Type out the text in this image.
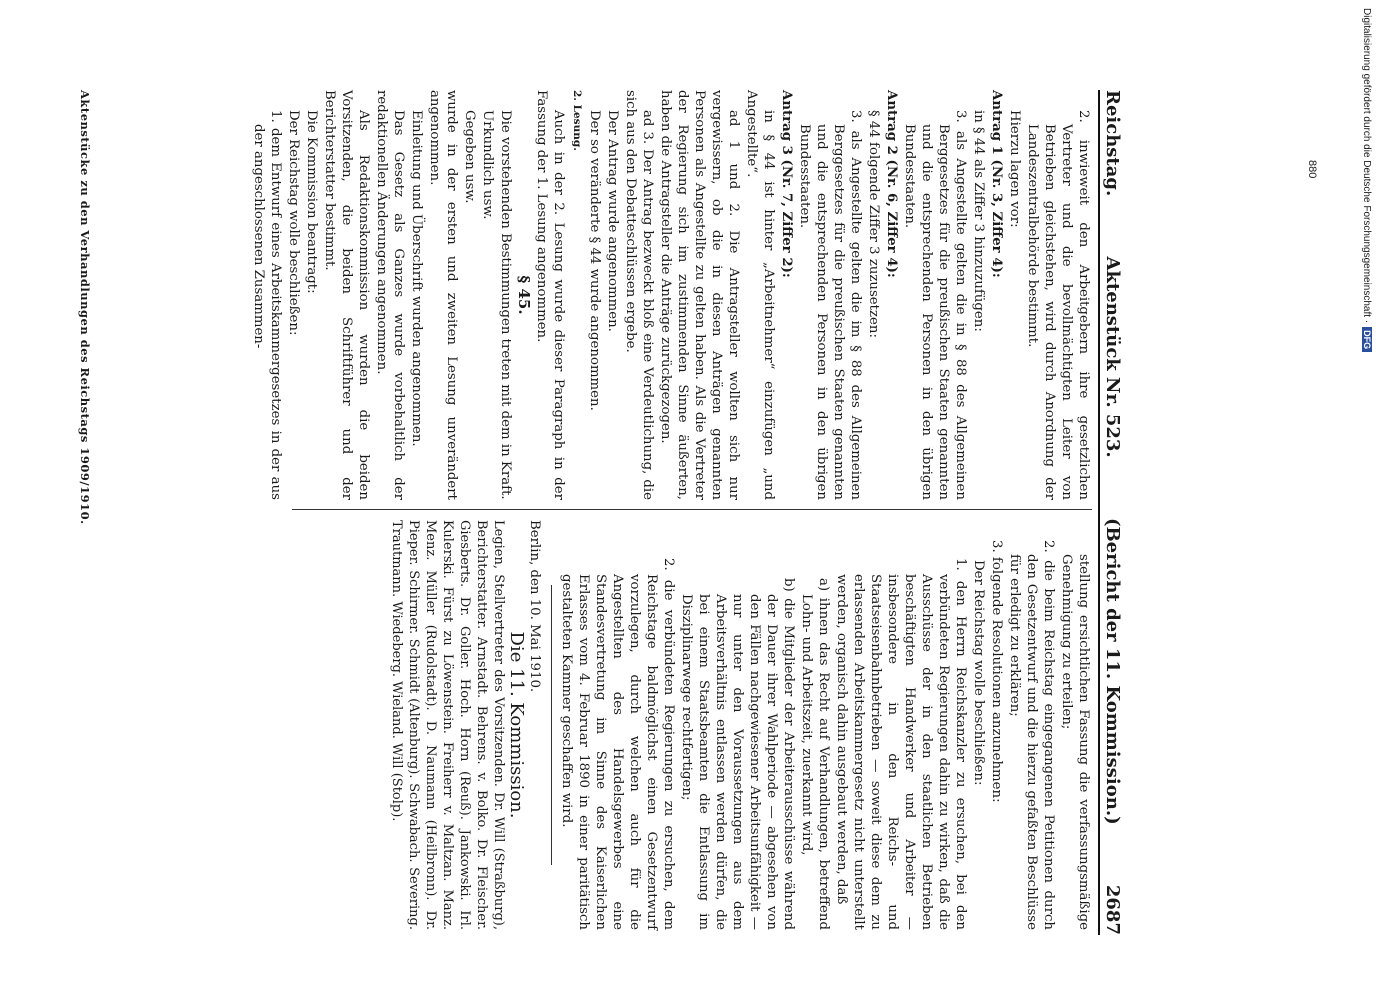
Digitalisierung gefördert durch die Deutsche Forschungsgemeinschaft ·DFG
880
Reichstag.
Aktenstück Nr. 523.
(Bericht der 11. Kommission.)
2687

2. inwieweit den Arbeitgebern ihre gesetzlichen Vertreter und die bevollmächtigten Leiter von Betrieben gleichstehen, wird durch Anordnung der Landeszentralbehörde bestimmt.

Hierzu lagen vor:

Antrag 1 (Nr. 3, Ziffer 4):

in § 44 als Ziffer 3 hinzuzufügen:

3. als Angestellte gelten die in § 88 des Allgemeinen Berggesetzes für die preußischen Staaten genannten und die entsprechenden Personen in den übrigen Bundesstaaten.

Antrag 2 (Nr. 6, Ziffer 4):

§ 44 folgende Ziffer 3 zuzusetzen:

3. als Angestellte gelten die im § 88 des Allgemeinen Berggesetzes für die preußischen Staaten genannten und die entsprechenden Personen in den übrigen Bundesstaaten.

Antrag 3 (Nr. 7, Ziffer 2):

in § 44 ist hinter „Arbeitnehmer“ einzufügen „und Angestellte“.

ad 1 und 2. Die Antragsteller wollten sich nur vergewissern, ob die in diesen Anträgen genannten Personen als Angestellte zu gelten haben. Als die Vertreter der Regierung sich im zustimmenden Sinne äußerten, haben die Antragsteller die Anträge zurückgezogen.

ad 3. Der Antrag bezweckt bloß eine Verdeutlichung, die sich aus den Debatteschlüssen ergebe.

Der Antrag wurde angenommen.

Der so veränderte § 44 wurde angenommen.

2. Lesung.

Auch in der 2. Lesung wurde dieser Paragraph in der Fassung der 1. Lesung angenommen.

§ 45.

Die vorstehenden Bestimmungen treten mit dem in Kraft.

Urkundlich usw.

Gegeben usw.

wurde in der ersten und zweiten Lesung unverändert angenommen.

Einleitung und Überschrift wurden angenommen.

Das Gesetz als Ganzes wurde vorbehaltlich der redaktionellen Änderungen angenommen.

Als Redaktionskommission wurden die beiden Vorsitzenden, die beiden Schriftführer und der Berichterstatter bestimmt.

Die Kommission beantragt:

Der Reichstag wolle beschließen:

1. dem Entwurf eines Arbeitskammergesetzes in der aus der angeschlossenen Zusammen-

stellung ersichtlichen Fassung die verfassungsmäßige Genehmigung zu erteilen;

2. die beim Reichstag eingegangenen Petitionen durch den Gesetzentwurf und die hierzu gefaßten Beschlüsse für erledigt zu erklären;

3. folgende Resolutionen anzunehmen:

Der Reichstag wolle beschließen:

1. den Herrn Reichskanzler zu ersuchen, bei den verbündeten Regierungen dahin zu wirken, daß die Ausschüsse der in den staatlichen Betrieben beschäftigten Handwerker und Arbeiter — insbesondere in den Reichs- und Staatseisenbahnbetrieben — soweit diese dem zu erlassenden Arbeitskammergesetz nicht unterstellt werden, organisch dahin ausgebaut werden, daß

a) ihnen das Recht auf Verhandlungen, betreffend Lohn- und Arbeitszeit, zuerkannt wird,

b) die Mitglieder der Arbeiterausschüsse während der Dauer ihrer Wahlperiode — abgesehen von den Fällen nachgewiesener Arbeitsunfähigkeit — nur unter den Voraussetzungen aus dem Arbeitsverhältnis entlassen werden dürfen, die bei einem Staatsbeamten die Entlassung im Disziplinarwege rechtfertigen;

2. die verbündeten Regierungen zu ersuchen, dem Reichstage baldmöglichst einen Gesetzentwurf vorzulegen, durch welchen auch für die Angestellten des Handelsgewerbes eine Standesvertretung im Sinne des Kaiserlichen Erlasses vom 4. Februar 1890 in einer paritätisch gestalteten Kammer geschaffen wird.

Berlin, den 10. Mai 1910.

Die 11. Kommission.

Legien, Stellvertreter des Vorsitzenden. Dr. Will (Straßburg), Berichterstatter. Arnstadt. Behrens. v. Bolko. Dr. Fleischer. Giesberts. Dr. Goller. Hoch. Horn (Reuß). Jankowski. Irl. Kulerski. Fürst zu Löwenstein. Freiherr v. Maltzan. Manz. Menz. Müller (Rudolstadt). D. Naumann (Heilbronn). Dr. Pieper. Schirmer. Schmidt (Altenburg). Schwabach. Severing. Trautmann. Wiedeberg. Wieland. Will (Stolp).

Aktenstücke zu den Verhandlungen des Reichstags 1909/1910.
